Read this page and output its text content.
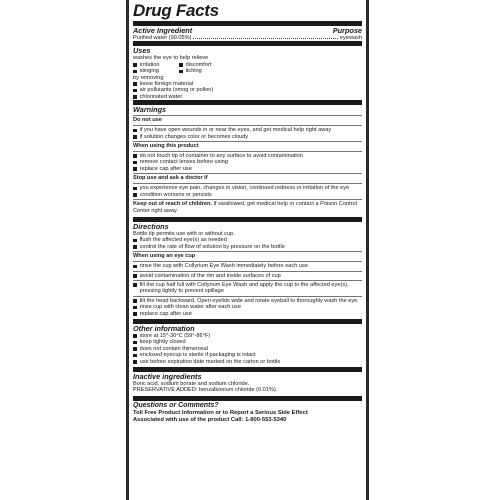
Drug Facts
Active Ingredient	Purpose
Purified water (99.05%)	eyewash
Uses
washes the eye to help relieve
irritation	discomfort
stinging	itching
by removing
loose foreign material
air pollutants (smog or pollen)
chlorinated water
Warnings
Do not use
if you have open wounds in or near the eyes, and get medical help right away
if solution changes color or becomes cloudy
When using this product
do not touch tip of container to any surface to avoid contamination
remove contact lenses before using
replace cap after use
Stop use and ask a doctor if
you experience eye pain, changes in vision, continued redness or irritation of the eye
condition worsens or persists
Keep out of reach of children. If swallowed, get medical help or contact a Poison Control Center right away.
Directions
Bottle tip permits use with or without cup.
flush the affected eye(s) as needed
control the rate of flow of solution by pressure on the bottle
When using an eye cup
rinse the cup with Collyrium Eye Wash immediately before each use
avoid contamination of the rim and inside surfaces of cup
fill the cup half full with Collyrium Eye Wash and apply the cup to the affected eye(s), pressing tightly to prevent spillage
tilt the head backward. Open eyelids wide and rotate eyeball to thoroughly wash the eye.
rinse cup with clean water after each use
replace cap after use
Other information
store at 15°-30°C (59°-86°F)
keep tightly closed
does not contain thimerosal
enclosed eyecup is sterile if packaging is intact
use before expiration date marked on the carton or bottle
Inactive ingredients
Boric acid, sodium borate and sodium chloride.
PRESERVATIVE ADDED: benzalkonium chloride (0.01%).
Questions or Comments?
Toll Free Product Information or to Report a Serious Side Effect
Associated with use of the product Call: 1-800-553-5340
